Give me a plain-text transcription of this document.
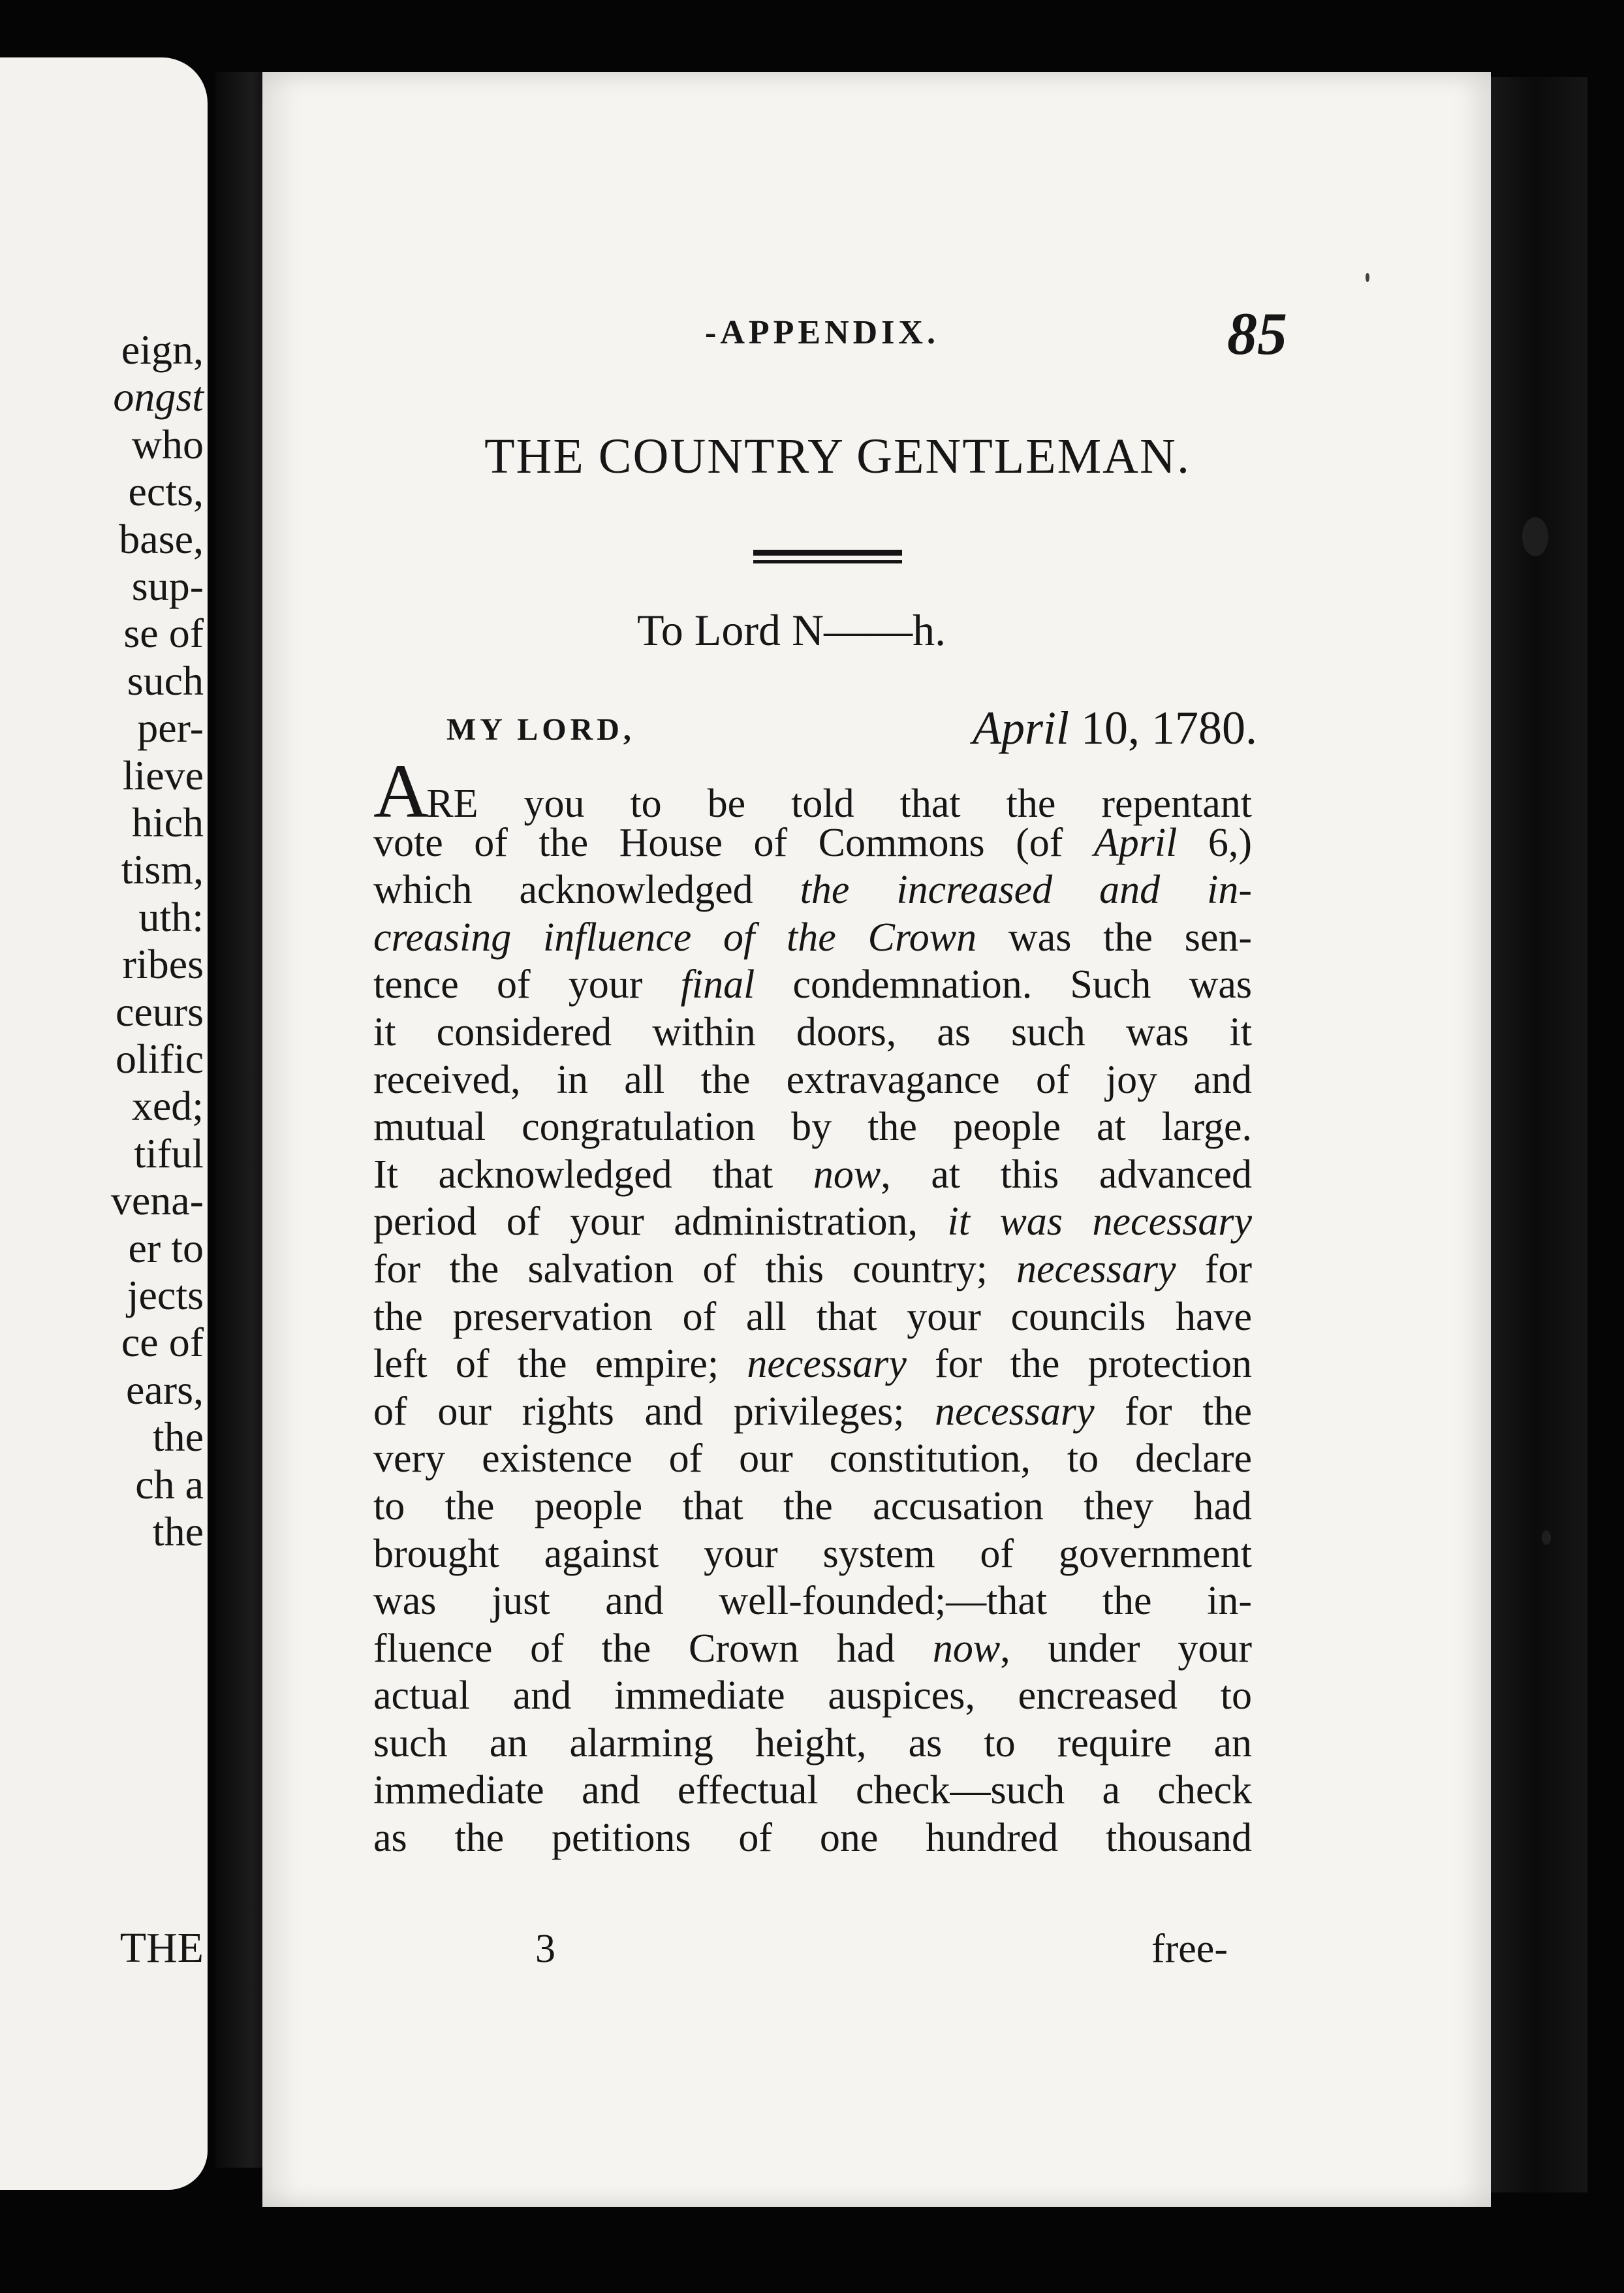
eign,
ongst
who
ects,
base,
sup-
se of
such
per-
lieve
hich
tism,
uth:
ribes
ceurs
olific
xed;
tiful
vena-
er to
jects
ce of
ears,
the
ch a
the
THE
-APPENDIX.	85
THE COUNTRY GENTLEMAN.
To Lord N——h.
MY LORD,	April 10, 1780.
ARE you to be told that the repentant
vote of the House of Commons (of April 6,)
which acknowledged the increased and in-
creasing influence of the Crown was the sen-
tence of your final condemnation. Such was
it considered within doors, as such was it
received, in all the extravagance of joy and
mutual congratulation by the people at large.
It acknowledged that now, at this advanced
period of your administration, it was necessary
for the salvation of this country; necessary for
the preservation of all that your councils have
left of the empire; necessary for the protection
of our rights and privileges; necessary for the
very existence of our constitution, to declare
to the people that the accusation they had
brought against your system of government
was just and well-founded;—that the in-
fluence of the Crown had now, under your
actual and immediate auspices, encreased to
such an alarming height, as to require an
immediate and effectual check—such a check
as the petitions of one hundred thousand
3	free-
